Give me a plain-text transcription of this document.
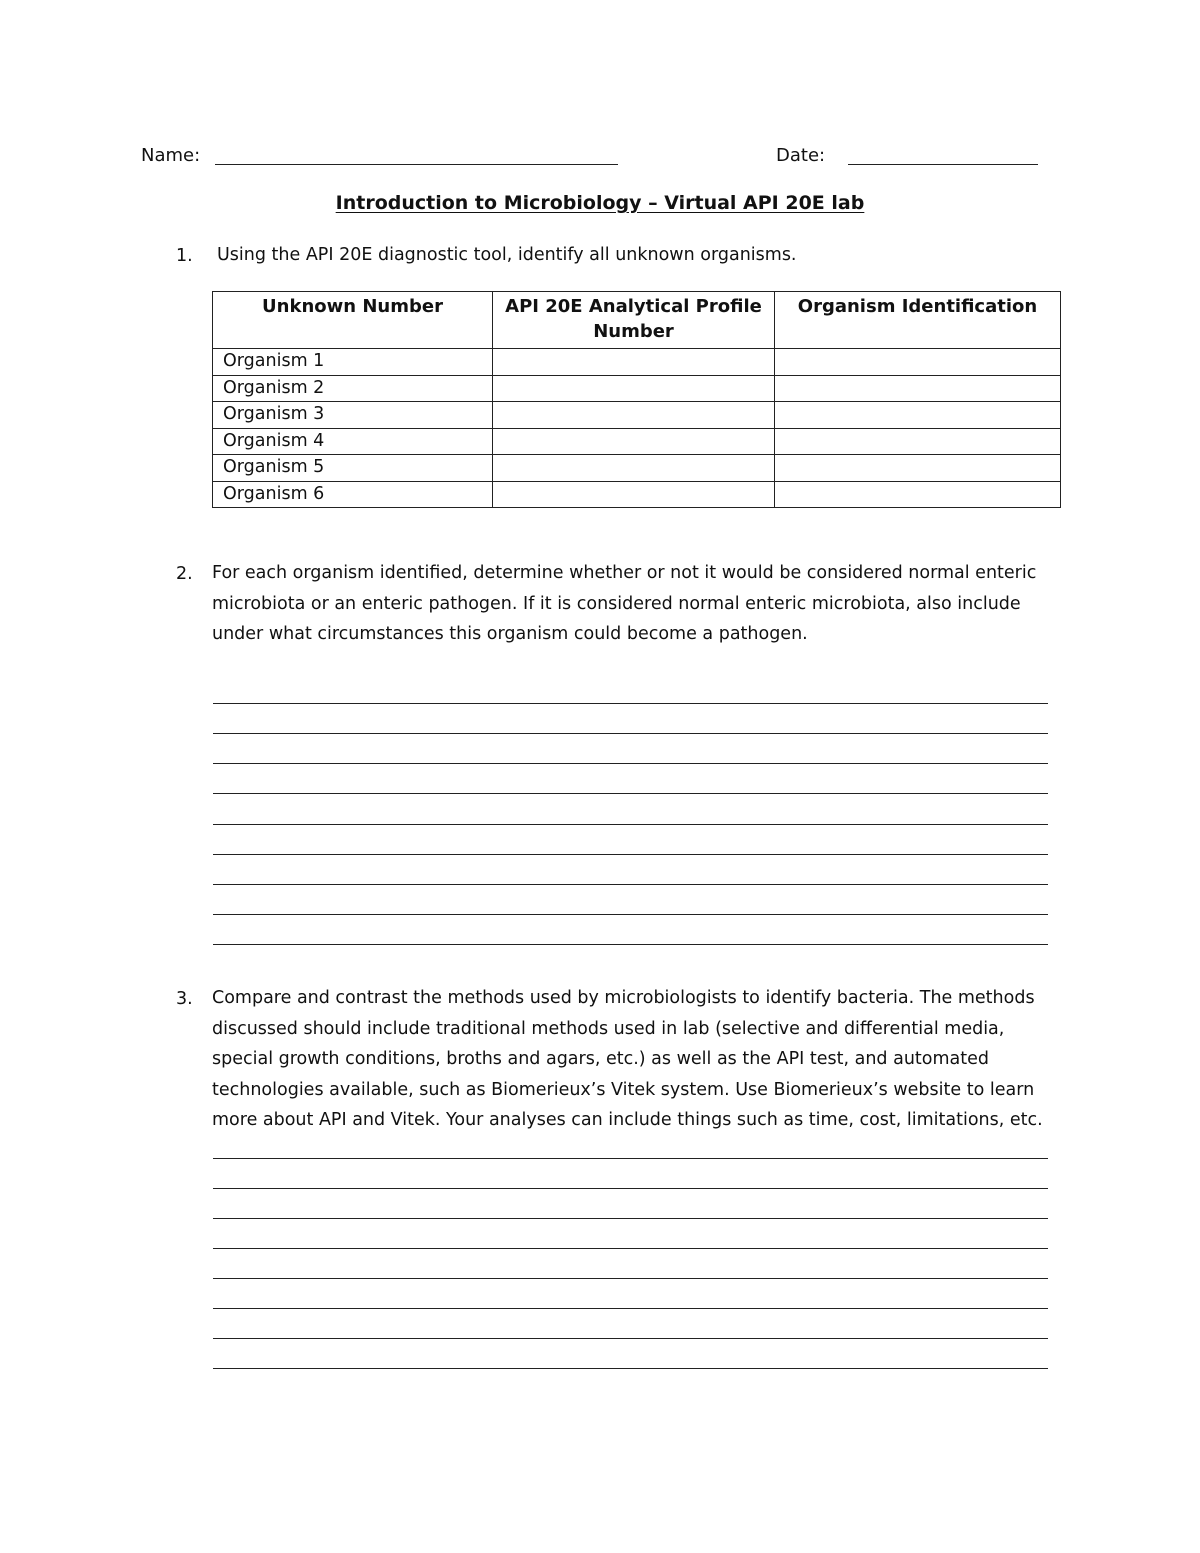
Name:	Date:
Introduction to Microbiology – Virtual API 20E lab
1. Using the API 20E diagnostic tool, identify all unknown organisms.
Unknown Number	API 20E Analytical Profile Number	Organism Identification
Organism 1		
Organism 2		
Organism 3		
Organism 4		
Organism 5		
Organism 6		
2. For each organism identified, determine whether or not it would be considered normal enteric microbiota or an enteric pathogen. If it is considered normal enteric microbiota, also include under what circumstances this organism could become a pathogen.
3. Compare and contrast the methods used by microbiologists to identify bacteria. The methods discussed should include traditional methods used in lab (selective and differential media, special growth conditions, broths and agars, etc.) as well as the API test, and automated technologies available, such as Biomerieux’s Vitek system. Use Biomerieux’s website to learn more about API and Vitek. Your analyses can include things such as time, cost, limitations, etc.
